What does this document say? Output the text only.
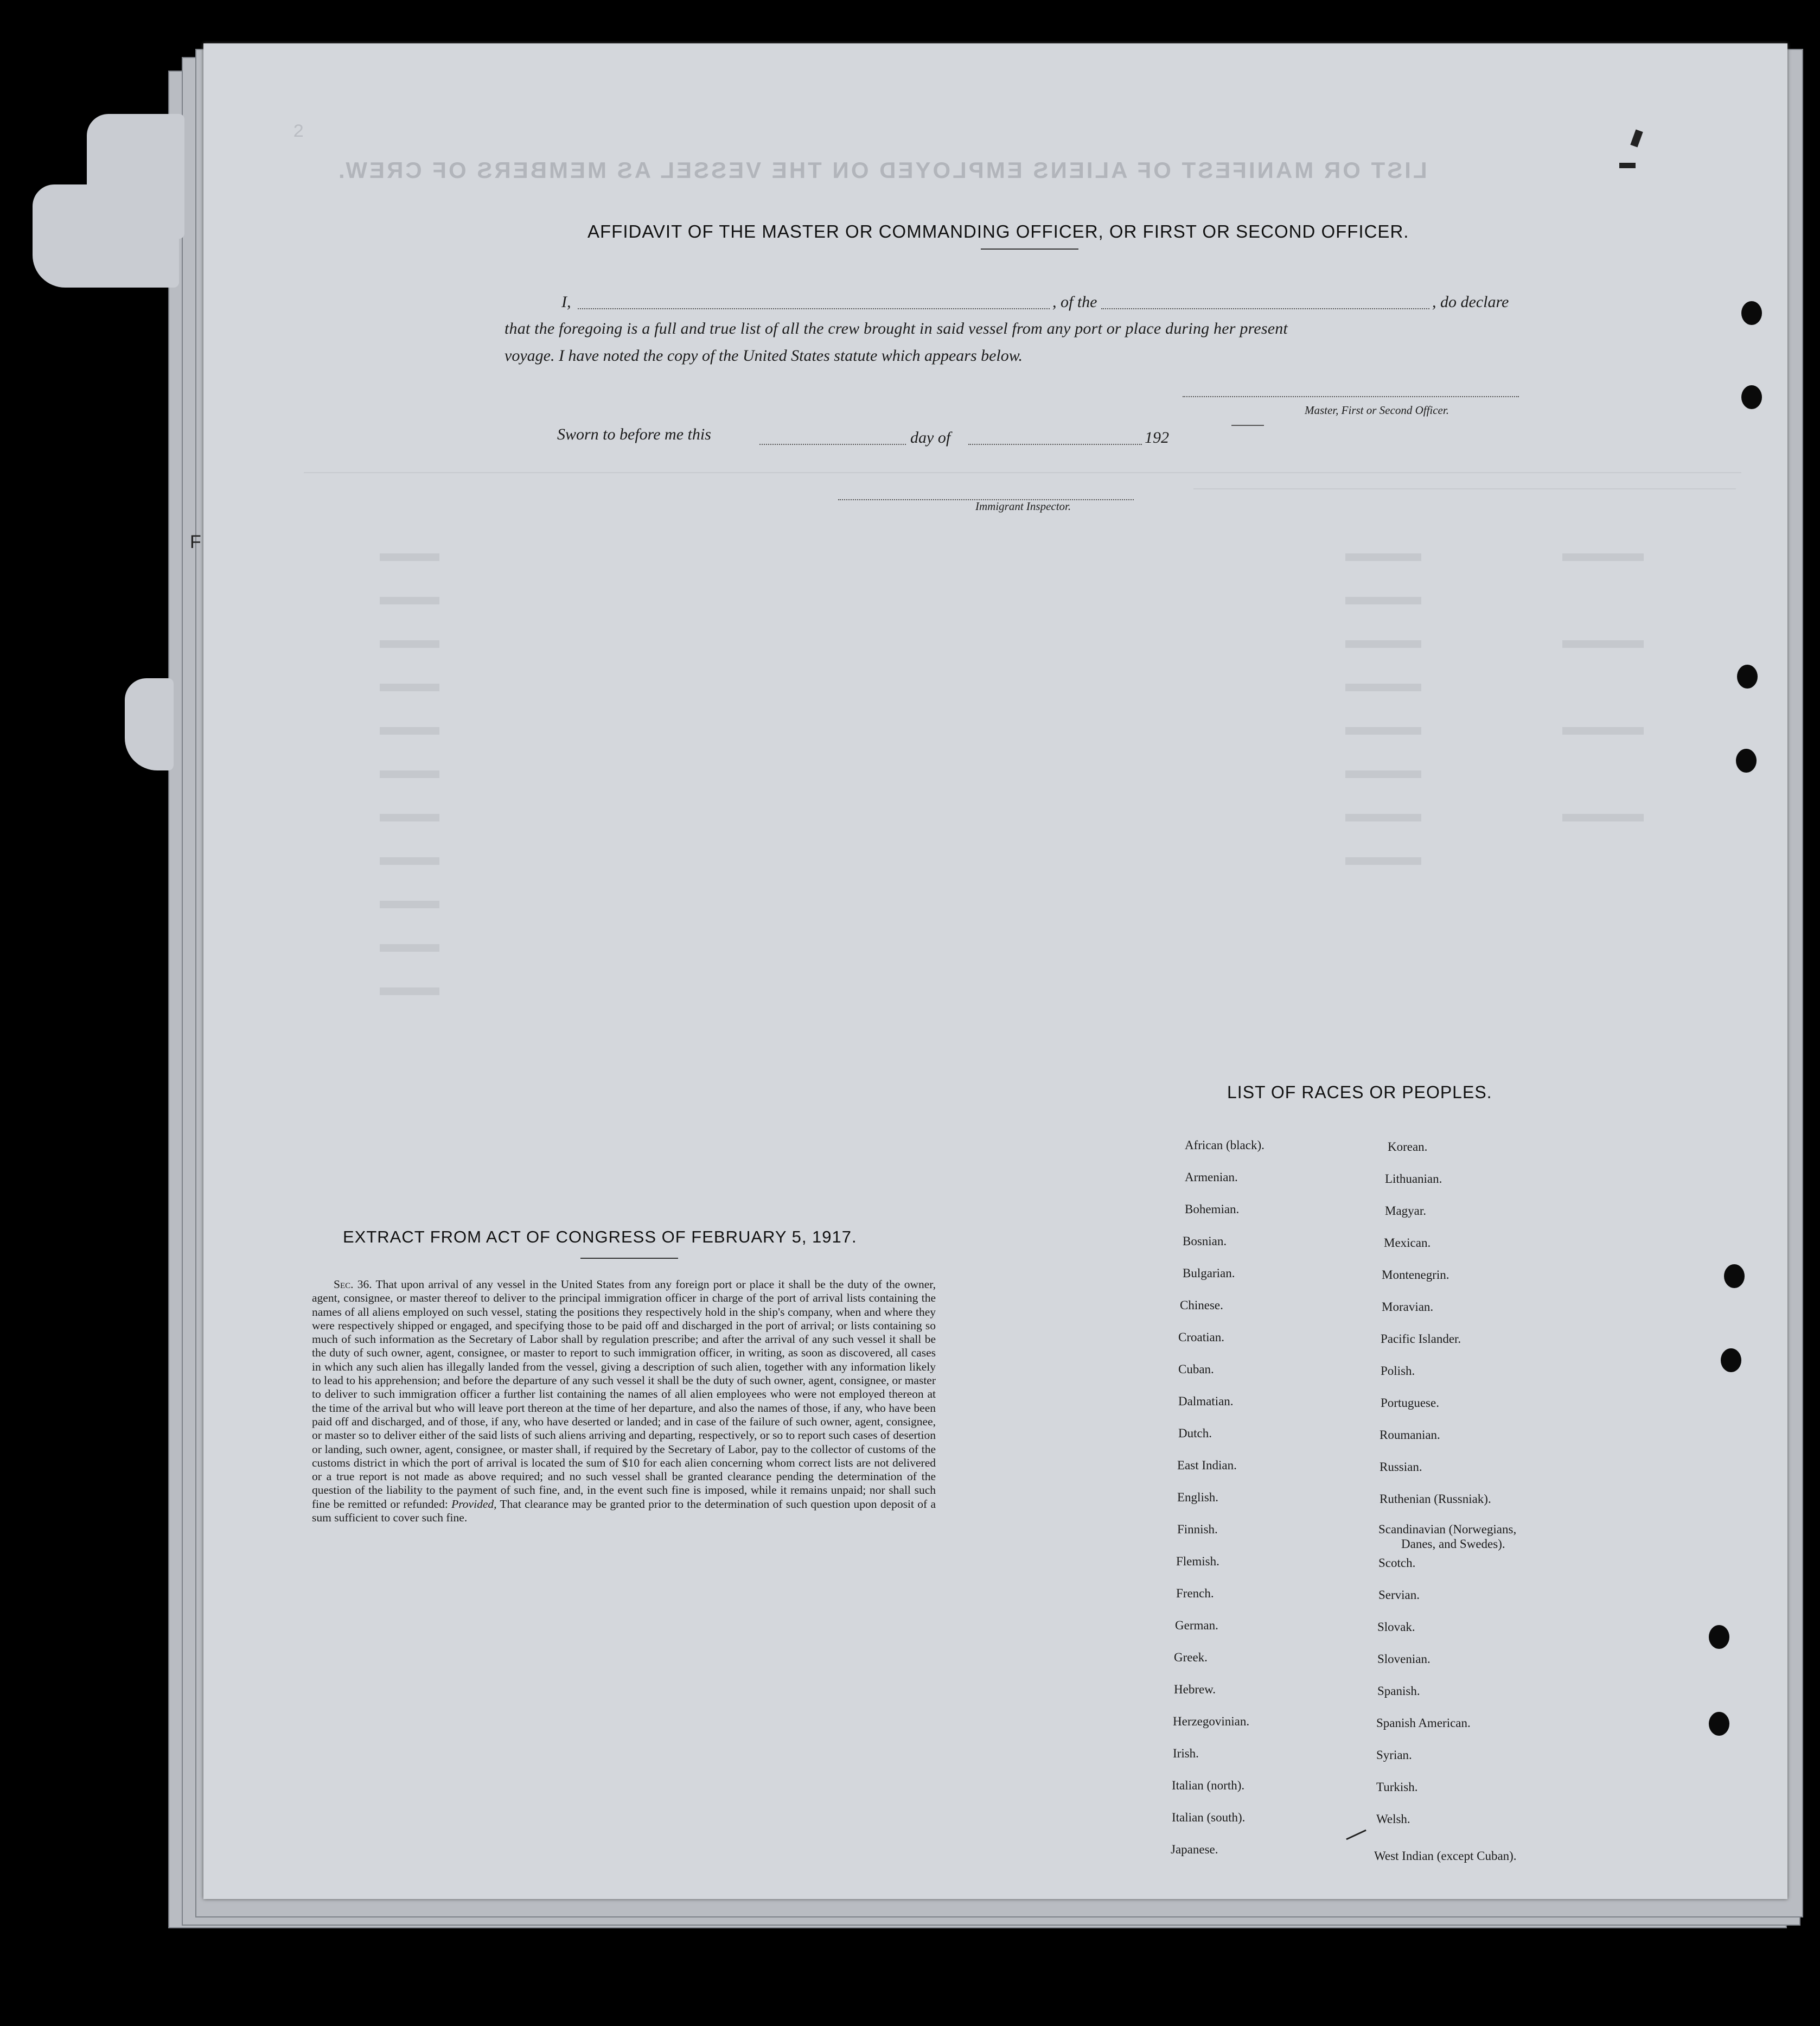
LIST OR MANIFEST OF ALIENS EMPLOYED ON THE VESSEL AS MEMBERS OF CREW.
2
F
AFFIDAVIT OF THE MASTER OR COMMANDING OFFICER, OR FIRST OR SECOND OFFICER.
I,	, of the	, do declare
that the foregoing is a full and true list of all the crew brought in said vessel from any port or place during her present
voyage. I have noted the copy of the United States statute which appears below.
Master, First or Second Officer.
Sworn to before me this	day of	192
Immigrant Inspector.
EXTRACT FROM ACT OF CONGRESS OF FEBRUARY 5, 1917.
Sec. 36. That upon arrival of any vessel in the United States from any foreign port or place it shall be the duty of the owner, agent, consignee, or master thereof to deliver to the principal immigration officer in charge of the port of arrival lists containing the names of all aliens employed on such vessel, stating the positions they respectively hold in the ship's company, when and where they were respectively shipped or engaged, and specifying those to be paid off and discharged in the port of arrival; or lists containing so much of such information as the Secretary of Labor shall by regulation prescribe; and after the arrival of any such vessel it shall be the duty of such owner, agent, consignee, or master to report to such immigration officer, in writing, as soon as discovered, all cases in which any such alien has illegally landed from the vessel, giving a description of such alien, together with any information likely to lead to his apprehension; and before the departure of any such vessel it shall be the duty of such owner, agent, consignee, or master to deliver to such immigration officer a further list containing the names of all alien employees who were not employed thereon at the time of the arrival but who will leave port thereon at the time of her departure, and also the names of those, if any, who have been paid off and discharged, and of those, if any, who have deserted or landed; and in case of the failure of such owner, agent, consignee, or master so to deliver either of the said lists of such aliens arriving and departing, respectively, or so to report such cases of desertion or landing, such owner, agent, consignee, or master shall, if required by the Secretary of Labor, pay to the collector of customs of the customs district in which the port of arrival is located the sum of $10 for each alien concerning whom correct lists are not delivered or a true report is not made as above required; and no such vessel shall be granted clearance pending the determination of the question of the liability to the payment of such fine, and, in the event such fine is imposed, while it remains unpaid; nor shall such fine be remitted or refunded: Provided, That clearance may be granted prior to the determination of such question upon deposit of a sum sufficient to cover such fine.
LIST OF RACES OR PEOPLES.
African (black).
Armenian.
Bohemian.
Bosnian.
Bulgarian.
Chinese.
Croatian.
Cuban.
Dalmatian.
Dutch.
East Indian.
English.
Finnish.
Flemish.
French.
German.
Greek.
Hebrew.
Herzegovinian.
Irish.
Italian (north).
Italian (south).
Japanese.
Korean.
Lithuanian.
Magyar.
Mexican.
Montenegrin.
Moravian.
Pacific Islander.
Polish.
Portuguese.
Roumanian.
Russian.
Ruthenian (Russniak).
Scandinavian (Norwegians,
Danes, and Swedes).
Scotch.
Servian.
Slovak.
Slovenian.
Spanish.
Spanish American.
Syrian.
Turkish.
Welsh.
West Indian (except Cuban).
